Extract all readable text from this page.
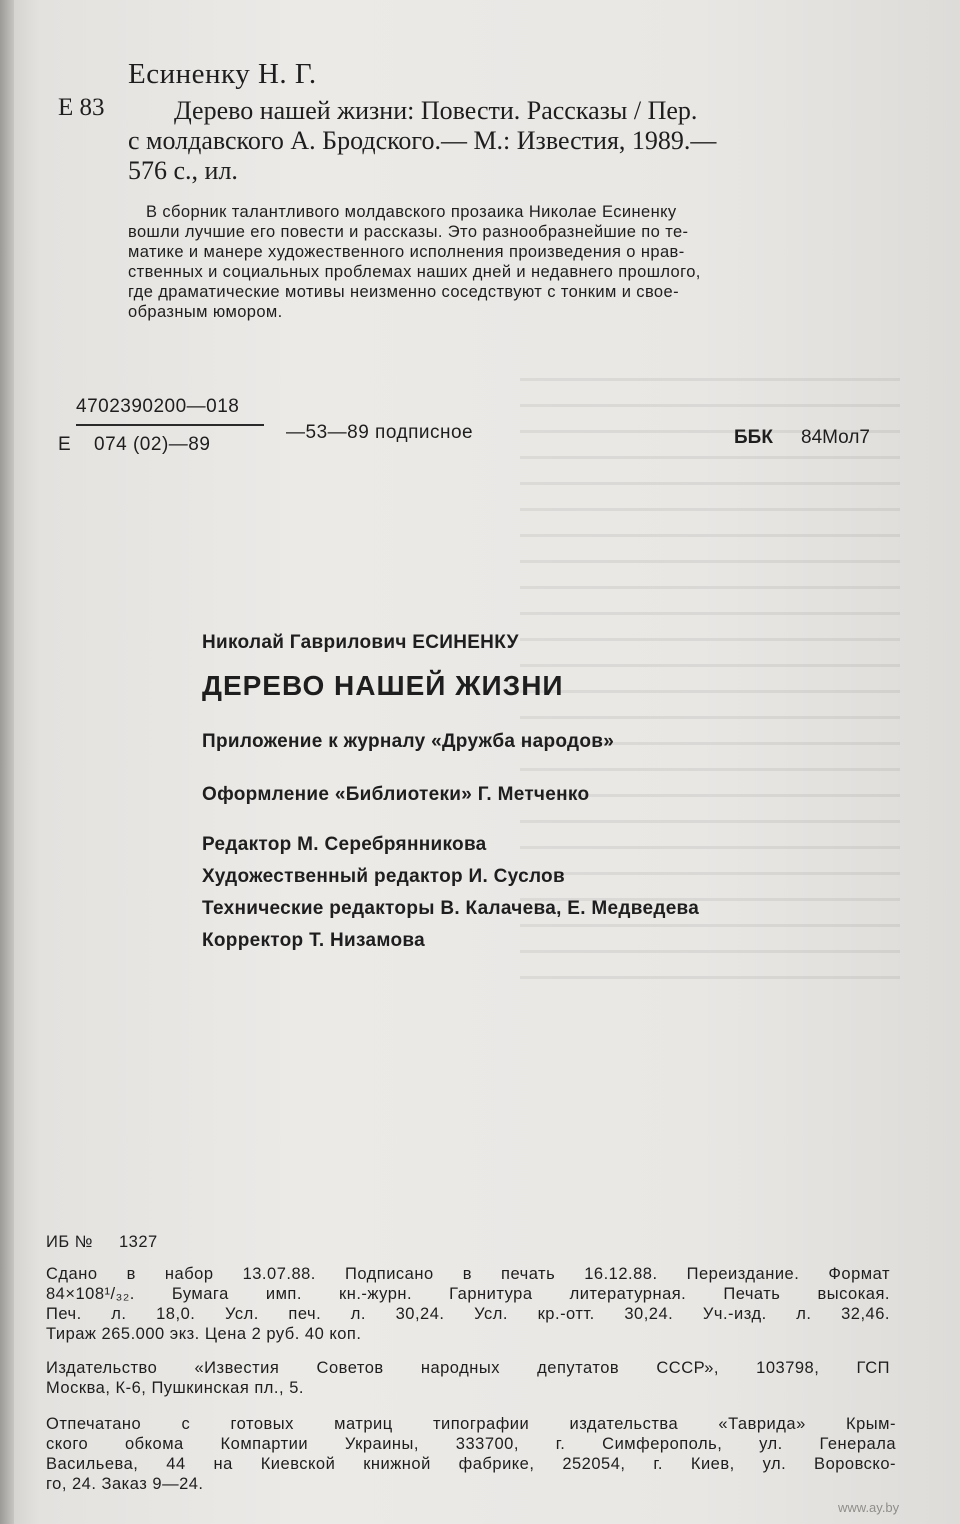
Есиненку Н. Г.
Е 83	Дерево нашей жизни: Повести. Рассказы / Пер.
с молдавского А. Бродского.— М.: Известия, 1989.—
576 с., ил.
В сборник талантливого молдавского прозаика Николае Есиненку
вошли лучшие его повести и рассказы. Это разнообразнейшие по те-
матике и манере художественного исполнения произведения о нрав-
ственных и социальных проблемах наших дней и недавнего прошлого,
где драматические мотивы неизменно соседствуют с тонким и свое-
образным юмором.
4702390200—018
Е 074 (02)—89
—53—89 подписное	ББК 84Мол7
Николай Гаврилович ЕСИНЕНКУ
ДЕРЕВО НАШЕЙ ЖИЗНИ
Приложение к журналу «Дружба народов»
Оформление «Библиотеки» Г. Метченко
Редактор М. Серебрянникова
Художественный редактор И. Суслов
Технические редакторы В. Калачева, Е. Медведева
Корректор Т. Низамова
ИБ № 1327
Сдано в набор 13.07.88. Подписано в печать 16.12.88. Переиздание. Формат
84×108¹/₃₂. Бумага имп. кн.-журн. Гарнитура литературная. Печать высокая.
Печ. л. 18,0. Усл. печ. л. 30,24. Усл. кр.-отт. 30,24. Уч.-изд. л. 32,46.
Тираж 265.000 экз. Цена 2 руб. 40 коп.
Издательство «Известия Советов народных депутатов СССР», 103798, ГСП
Москва, К-6, Пушкинская пл., 5.
Отпечатано с готовых матриц типографии издательства «Таврида» Крым-
ского обкома Компартии Украины, 333700, г. Симферополь, ул. Генерала
Васильева, 44 на Киевской книжной фабрике, 252054, г. Киев, ул. Воровско-
го, 24. Заказ 9—24.
www.ay.by
